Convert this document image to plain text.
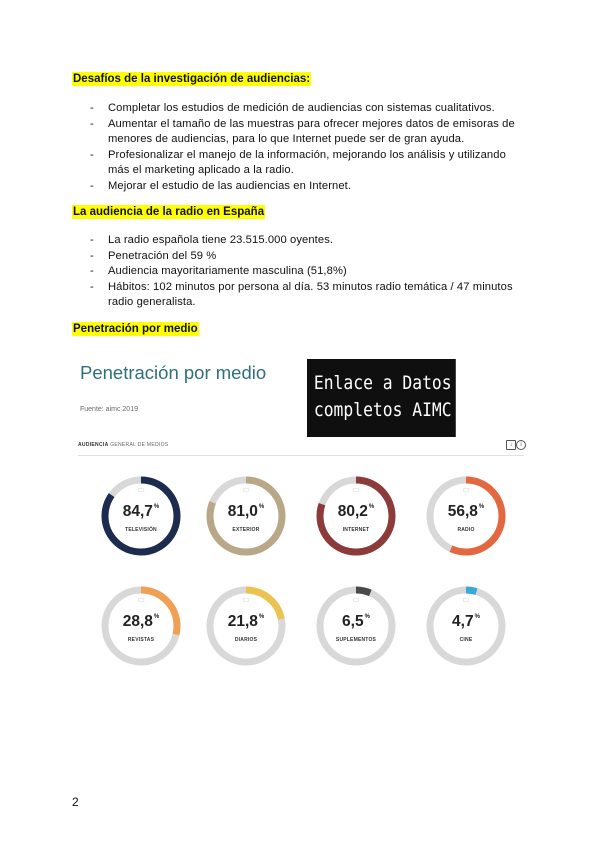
Desafíos de la investigación de audiencias:
- Completar los estudios de medición de audiencias con sistemas cualitativos.
- Aumentar el tamaño de las muestras para ofrecer mejores datos de emisoras de menores de audiencias, para lo que Internet puede ser de gran ayuda.
- Profesionalizar el manejo de la información, mejorando los análisis y utilizando más el marketing aplicado a la radio.
- Mejorar el estudio de las audiencias en Internet.
La audiencia de la radio en España
- La radio española tiene 23.515.000 oyentes.
- Penetración del 59 %
- Audiencia mayoritariamente masculina (51,8%)
- Hábitos: 102 minutos por persona al día. 53 minutos radio temática / 47 minutos radio generalista.
Penetración por medio
Penetración por medio
Fuente: aimc 2019
Enlace a Datos completos AIMC
AUDIENCIA GENERAL DE MEDIOS	↓	i
▭
84,7%
TELEVISIÓN
▭
81,0%
EXTERIOR
▭
80,2%
INTERNET
▭
56,8%
RADIO
▭
28,8%
REVISTAS
▭
21,8%
DIARIOS
▭
6,5%
SUPLEMENTOS
▭
4,7%
CINE
2
